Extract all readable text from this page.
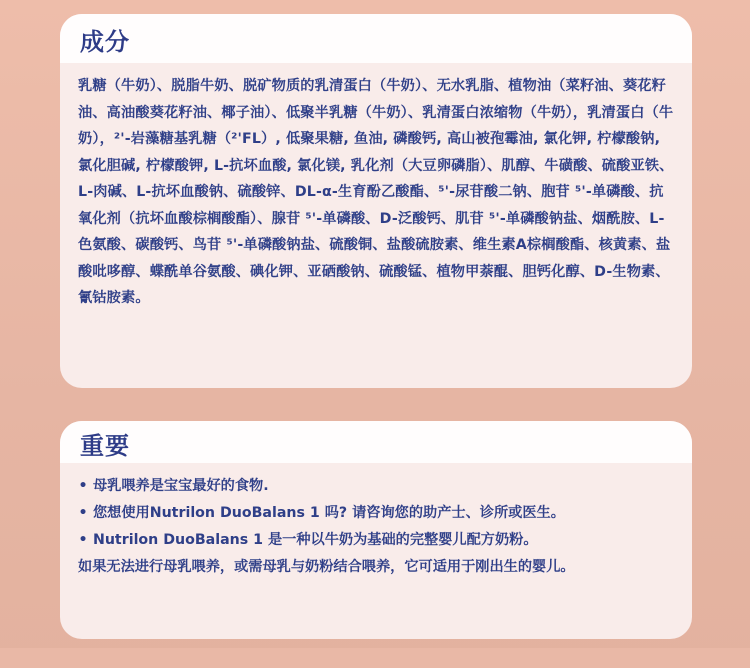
成分
乳糖（牛奶）、脱脂牛奶、脱矿物质的乳清蛋白（牛奶）、无水乳脂、植物油（菜籽油、葵花籽油、高油酸葵花籽油、椰子油）、低聚半乳糖（牛奶）、乳清蛋白浓缩物（牛奶），乳清蛋白（牛奶），²'-岩藻糖基乳糖（²'FL）, 低聚果糖, 鱼油, 磷酸钙, 高山被孢霉油, 氯化钾, 柠檬酸钠, 氯化胆碱, 柠檬酸钾, L-抗坏血酸, 氯化镁, 乳化剂（大豆卵磷脂）、肌醇、牛磺酸、硫酸亚铁、L-肉碱、L-抗坏血酸钠、硫酸锌、DL-α-生育酚乙酸酯、⁵'-尿苷酸二钠、胞苷 ⁵'-单磷酸、抗氧化剂（抗坏血酸棕榈酸酯）、腺苷 ⁵'-单磷酸、D-泛酸钙、肌苷 ⁵'-单磷酸钠盐、烟酰胺、L-色氨酸、碳酸钙、鸟苷 ⁵'-单磷酸钠盐、硫酸铜、盐酸硫胺素、维生素A棕榈酸酯、核黄素、盐酸吡哆醇、蝶酰单谷氨酸、碘化钾、亚硒酸钠、硫酸锰、植物甲萘醌、胆钙化醇、D-生物素、氰钴胺素。
重要
• 母乳喂养是宝宝最好的食物.
• 您想使用Nutrilon DuoBalans 1 吗? 请咨询您的助产士、诊所或医生。
• Nutrilon DuoBalans 1 是一种以牛奶为基础的完整婴儿配方奶粉。
如果无法进行母乳喂养，或需母乳与奶粉结合喂养，它可适用于刚出生的婴儿。
